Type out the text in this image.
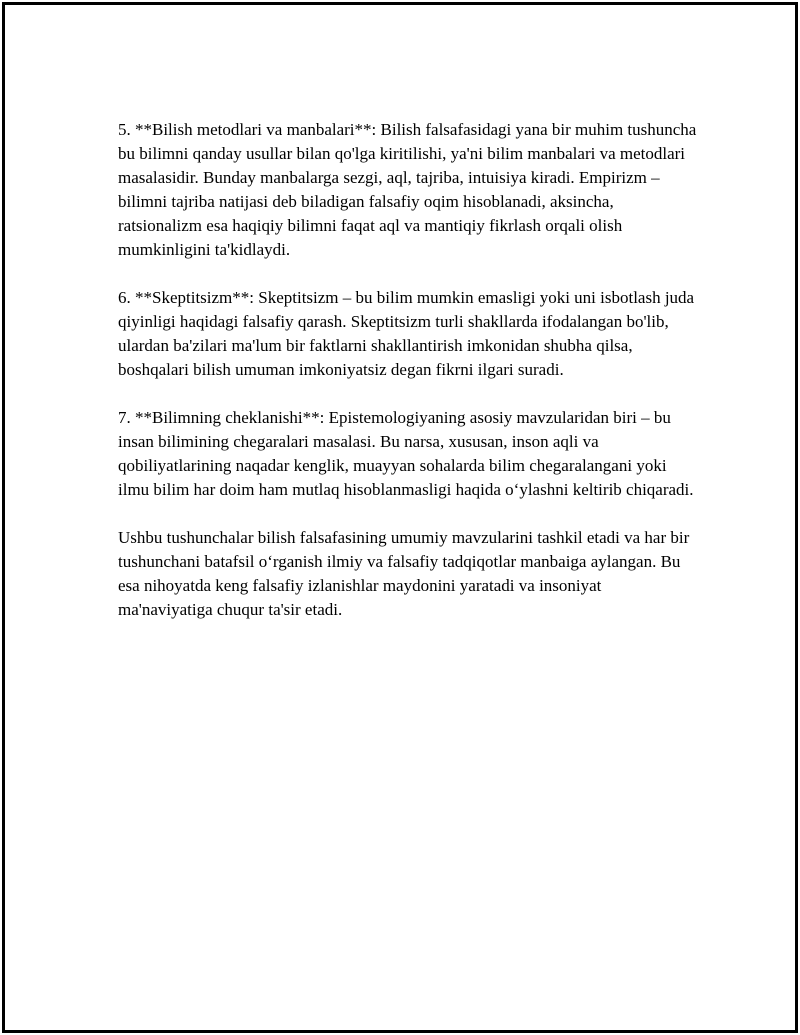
5. **Bilish metodlari va manbalari**: Bilish falsafasidagi yana bir muhim tushuncha bu bilimni qanday usullar bilan qo'lga kiritilishi, ya'ni bilim manbalari va metodlari masalasidir. Bunday manbalarga sezgi, aql, tajriba, intuisiya kiradi. Empirizm – bilimni tajriba natijasi deb biladigan falsafiy oqim hisoblanadi, aksincha, ratsionalizm esa haqiqiy bilimni faqat aql va mantiqiy fikrlash orqali olish mumkinligini ta'kidlaydi.

6. **Skeptitsizm**: Skeptitsizm – bu bilim mumkin emasligi yoki uni isbotlash juda qiyinligi haqidagi falsafiy qarash. Skeptitsizm turli shakllarda ifodalangan bo'lib, ulardan ba'zilari ma'lum bir faktlarni shakllantirish imkonidan shubha qilsa, boshqalari bilish umuman imkoniyatsiz degan fikrni ilgari suradi.

7. **Bilimning cheklanishi**: Epistemologiyaning asosiy mavzularidan biri – bu insan bilimining chegaralari masalasi. Bu narsa, xususan, inson aqli va qobiliyatlarining naqadar kenglik, muayyan sohalarda bilim chegaralangani yoki ilmu bilim har doim ham mutlaq hisoblanmasligi haqida o‘ylashni keltirib chiqaradi.

Ushbu tushunchalar bilish falsafasining umumiy mavzularini tashkil etadi va har bir tushunchani batafsil o‘rganish ilmiy va falsafiy tadqiqotlar manbaiga aylangan. Bu esa nihoyatda keng falsafiy izlanishlar maydonini yaratadi va insoniyat ma'naviyatiga chuqur ta'sir etadi.
